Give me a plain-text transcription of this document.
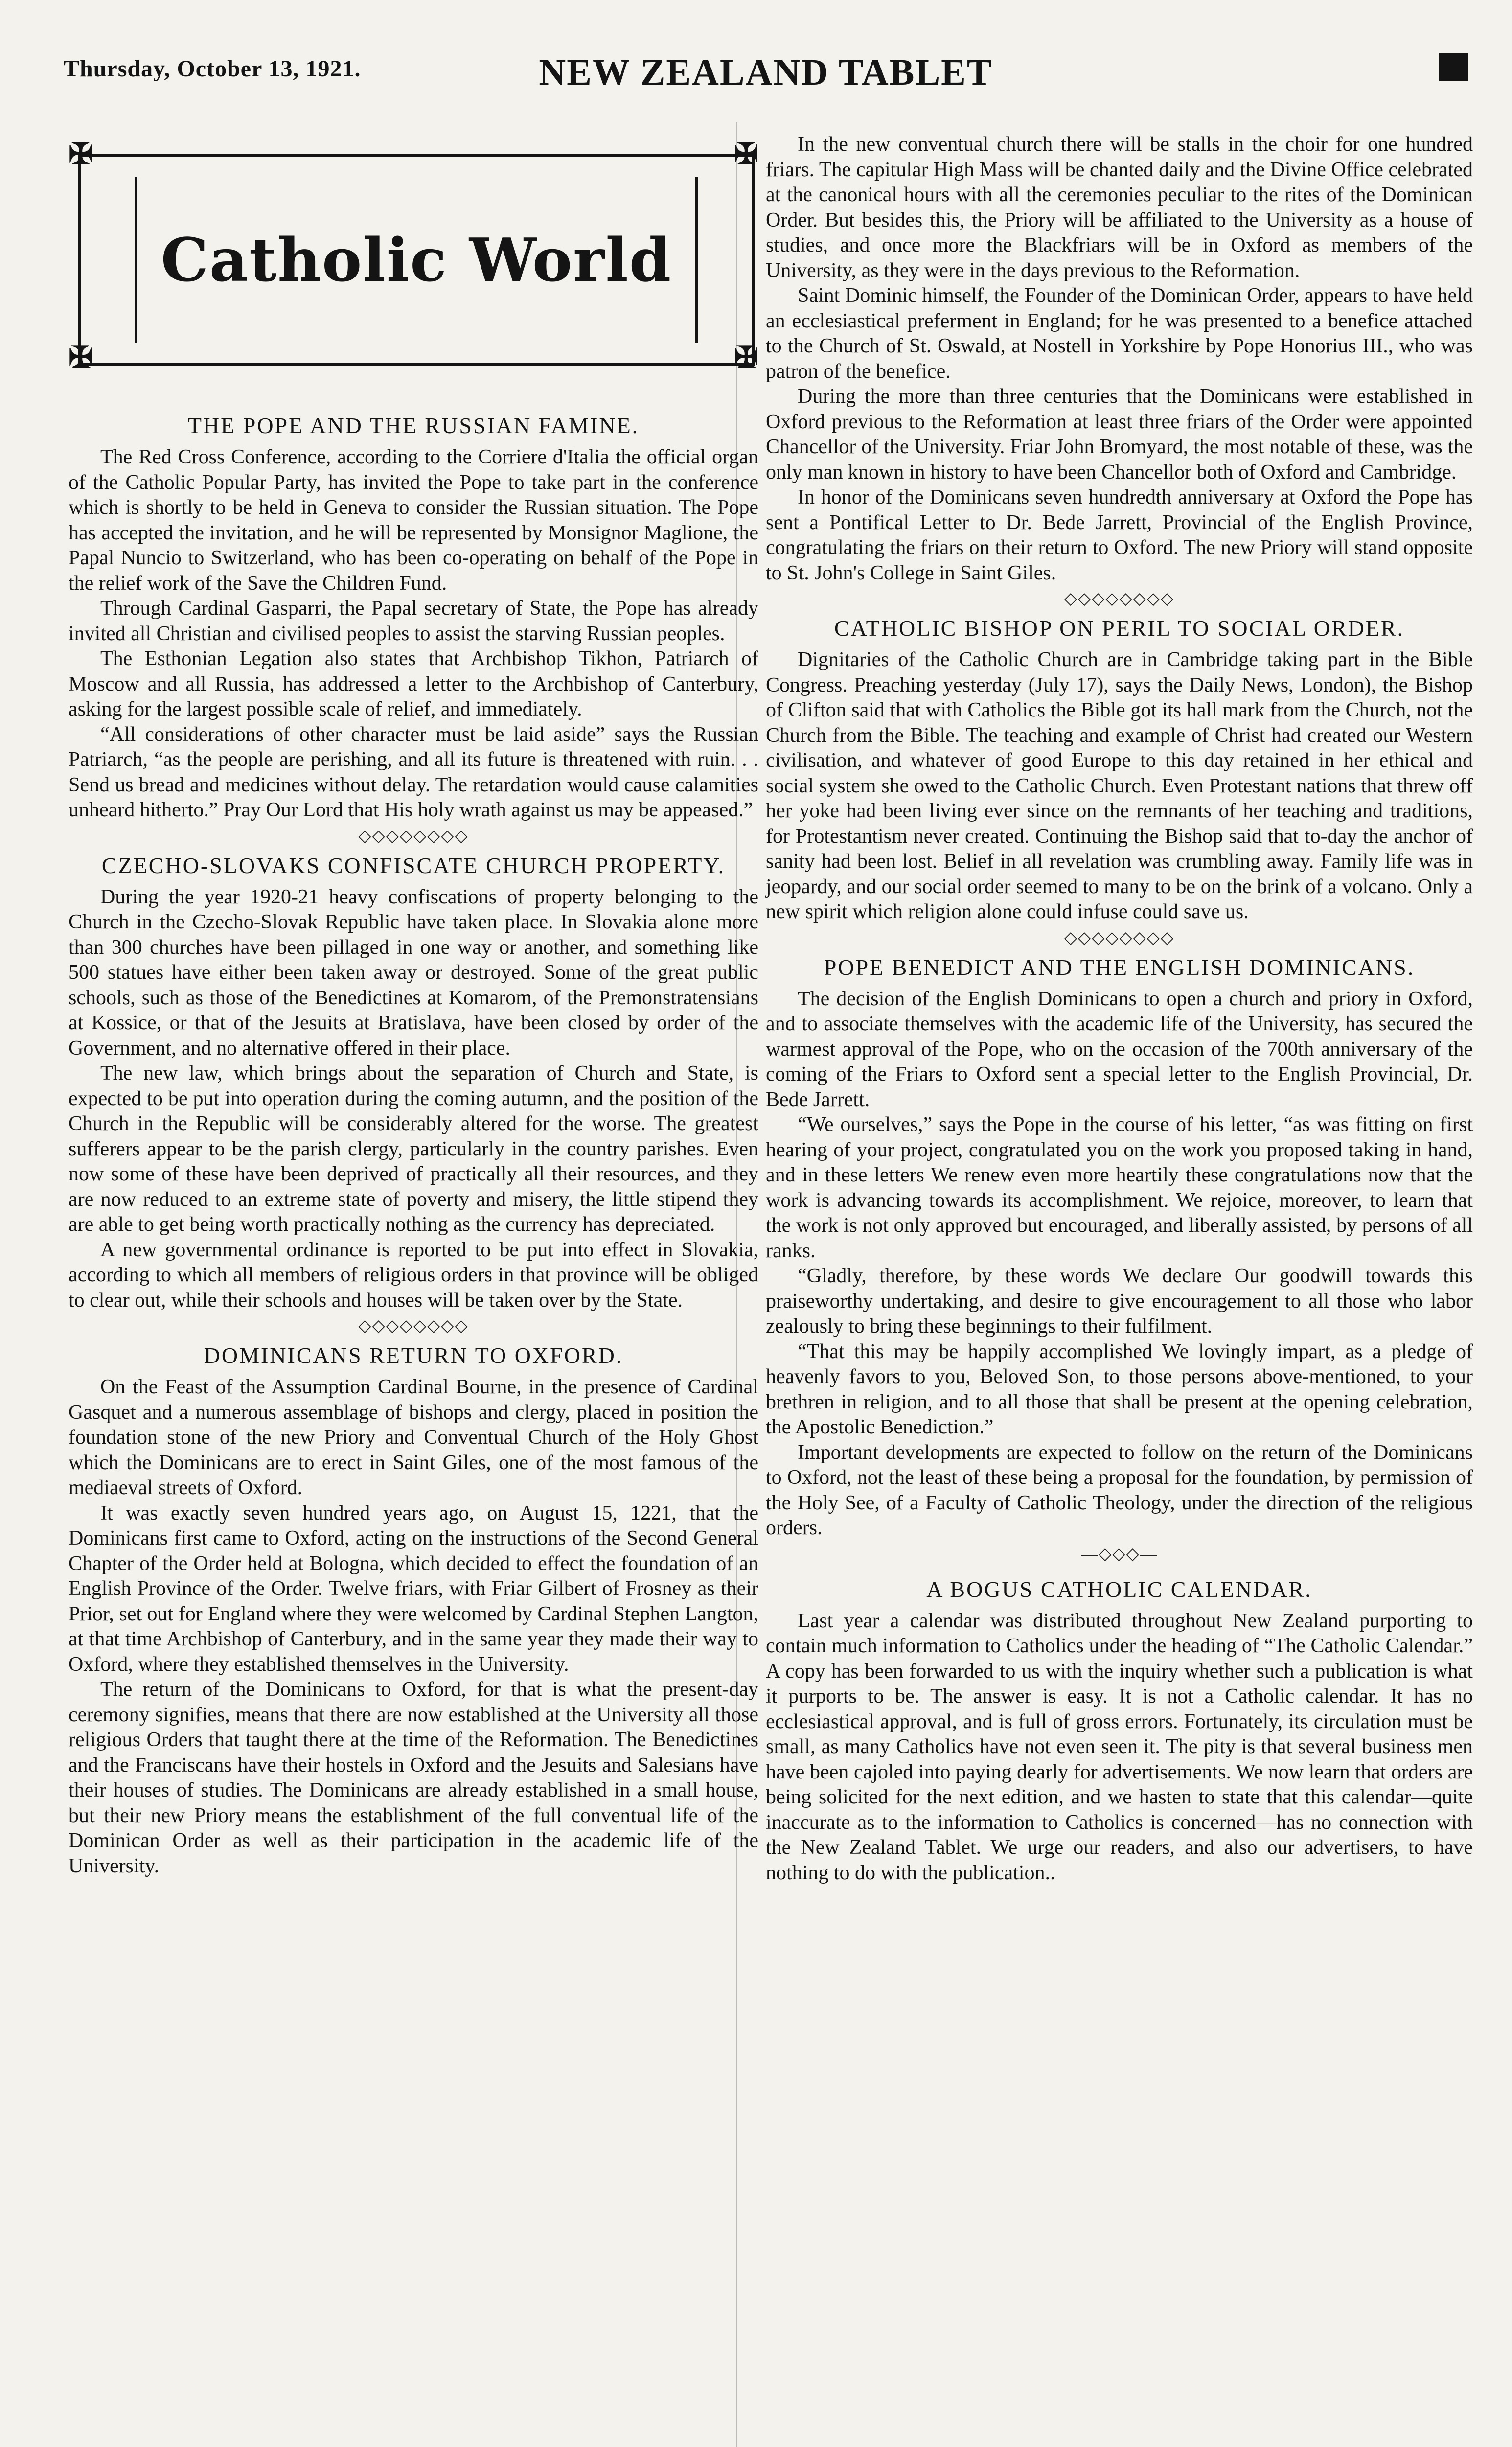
Thursday, October 13, 1921.	NEW ZEALAND TABLET
Catholic World
✠	✠
✠	✠
THE POPE AND THE RUSSIAN FAMINE.

The Red Cross Conference, according to the Corriere d'Italia the official organ of the Catholic Popular Party, has invited the Pope to take part in the conference which is shortly to be held in Geneva to consider the Russian situation. The Pope has accepted the invitation, and he will be represented by Monsignor Maglione, the Papal Nuncio to Switzerland, who has been co-operating on behalf of the Pope in the relief work of the Save the Children Fund.

Through Cardinal Gasparri, the Papal secretary of State, the Pope has already invited all Christian and civilised peoples to assist the starving Russian peoples.

The Esthonian Legation also states that Archbishop Tikhon, Patriarch of Moscow and all Russia, has addressed a letter to the Archbishop of Canterbury, asking for the largest possible scale of relief, and immediately.

“All considerations of other character must be laid aside” says the Russian Patriarch, “as the people are perishing, and all its future is threatened with ruin. . . Send us bread and medicines without delay. The retardation would cause calamities unheard hitherto.” Pray Our Lord that His holy wrath against us may be appeased.”

◇◇◇◇◇◇◇◇
CZECHO-SLOVAKS CONFISCATE CHURCH PROPERTY.

During the year 1920-21 heavy confiscations of property belonging to the Church in the Czecho-Slovak Republic have taken place. In Slovakia alone more than 300 churches have been pillaged in one way or another, and something like 500 statues have either been taken away or destroyed. Some of the great public schools, such as those of the Benedictines at Komarom, of the Premonstratensians at Kossice, or that of the Jesuits at Bratislava, have been closed by order of the Government, and no alternative offered in their place.

The new law, which brings about the separation of Church and State, is expected to be put into operation during the coming autumn, and the position of the Church in the Republic will be considerably altered for the worse. The greatest sufferers appear to be the parish clergy, particularly in the country parishes. Even now some of these have been deprived of practically all their resources, and they are now reduced to an extreme state of poverty and misery, the little stipend they are able to get being worth practically nothing as the currency has depreciated.

A new governmental ordinance is reported to be put into effect in Slovakia, according to which all members of religious orders in that province will be obliged to clear out, while their schools and houses will be taken over by the State.

◇◇◇◇◇◇◇◇
DOMINICANS RETURN TO OXFORD.

On the Feast of the Assumption Cardinal Bourne, in the presence of Cardinal Gasquet and a numerous assemblage of bishops and clergy, placed in position the foundation stone of the new Priory and Conventual Church of the Holy Ghost which the Dominicans are to erect in Saint Giles, one of the most famous of the mediaeval streets of Oxford.

It was exactly seven hundred years ago, on August 15, 1221, that the Dominicans first came to Oxford, acting on the instructions of the Second General Chapter of the Order held at Bologna, which decided to effect the foundation of an English Province of the Order. Twelve friars, with Friar Gilbert of Frosney as their Prior, set out for England where they were welcomed by Cardinal Stephen Langton, at that time Archbishop of Canterbury, and in the same year they made their way to Oxford, where they established themselves in the University.

The return of the Dominicans to Oxford, for that is what the present-day ceremony signifies, means that there are now established at the University all those religious Orders that taught there at the time of the Reformation. The Benedictines and the Franciscans have their hostels in Oxford and the Jesuits and Salesians have their houses of studies. The Dominicans are already established in a small house, but their new Priory means the establishment of the full conventual life of the Dominican Order as well as their participation in the academic life of the University.

In the new conventual church there will be stalls in the choir for one hundred friars. The capitular High Mass will be chanted daily and the Divine Office celebrated at the canonical hours with all the ceremonies peculiar to the rites of the Dominican Order. But besides this, the Priory will be affiliated to the University as a house of studies, and once more the Blackfriars will be in Oxford as members of the University, as they were in the days previous to the Reformation.

Saint Dominic himself, the Founder of the Dominican Order, appears to have held an ecclesiastical preferment in England; for he was presented to a benefice attached to the Church of St. Oswald, at Nostell in Yorkshire by Pope Honorius III., who was patron of the benefice.

During the more than three centuries that the Dominicans were established in Oxford previous to the Reformation at least three friars of the Order were appointed Chancellor of the University. Friar John Bromyard, the most notable of these, was the only man known in history to have been Chancellor both of Oxford and Cambridge.

In honor of the Dominicans seven hundredth anniversary at Oxford the Pope has sent a Pontifical Letter to Dr. Bede Jarrett, Provincial of the English Province, congratulating the friars on their return to Oxford. The new Priory will stand opposite to St. John's College in Saint Giles.

◇◇◇◇◇◇◇◇
CATHOLIC BISHOP ON PERIL TO SOCIAL ORDER.

Dignitaries of the Catholic Church are in Cambridge taking part in the Bible Congress. Preaching yesterday (July 17), says the Daily News, London), the Bishop of Clifton said that with Catholics the Bible got its hall mark from the Church, not the Church from the Bible. The teaching and example of Christ had created our Western civilisation, and whatever of good Europe to this day retained in her ethical and social system she owed to the Catholic Church. Even Protestant nations that threw off her yoke had been living ever since on the remnants of her teaching and traditions, for Protestantism never created. Continuing the Bishop said that to-day the anchor of sanity had been lost. Belief in all revelation was crumbling away. Family life was in jeopardy, and our social order seemed to many to be on the brink of a volcano. Only a new spirit which religion alone could infuse could save us.

◇◇◇◇◇◇◇◇
POPE BENEDICT AND THE ENGLISH DOMINICANS.

The decision of the English Dominicans to open a church and priory in Oxford, and to associate themselves with the academic life of the University, has secured the warmest approval of the Pope, who on the occasion of the 700th anniversary of the coming of the Friars to Oxford sent a special letter to the English Provincial, Dr. Bede Jarrett.

“We ourselves,” says the Pope in the course of his letter, “as was fitting on first hearing of your project, congratulated you on the work you proposed taking in hand, and in these letters We renew even more heartily these congratulations now that the work is advancing towards its accomplishment. We rejoice, moreover, to learn that the work is not only approved but encouraged, and liberally assisted, by persons of all ranks.

“Gladly, therefore, by these words We declare Our goodwill towards this praiseworthy undertaking, and desire to give encouragement to all those who labor zealously to bring these beginnings to their fulfilment.

“That this may be happily accomplished We lovingly impart, as a pledge of heavenly favors to you, Beloved Son, to those persons above-mentioned, to your brethren in religion, and to all those that shall be present at the opening celebration, the Apostolic Benediction.”

Important developments are expected to follow on the return of the Dominicans to Oxford, not the least of these being a proposal for the foundation, by permission of the Holy See, of a Faculty of Catholic Theology, under the direction of the religious orders.

—◇◇◇—
A BOGUS CATHOLIC CALENDAR.

Last year a calendar was distributed throughout New Zealand purporting to contain much information to Catholics under the heading of “The Catholic Calendar.” A copy has been forwarded to us with the inquiry whether such a publication is what it purports to be. The answer is easy. It is not a Catholic calendar. It has no ecclesiastical approval, and is full of gross errors. Fortunately, its circulation must be small, as many Catholics have not even seen it. The pity is that several business men have been cajoled into paying dearly for advertisements. We now learn that orders are being solicited for the next edition, and we hasten to state that this calendar—quite inaccurate as to the information to Catholics is concerned—has no connection with the New Zealand Tablet. We urge our readers, and also our advertisers, to have nothing to do with the publication..
